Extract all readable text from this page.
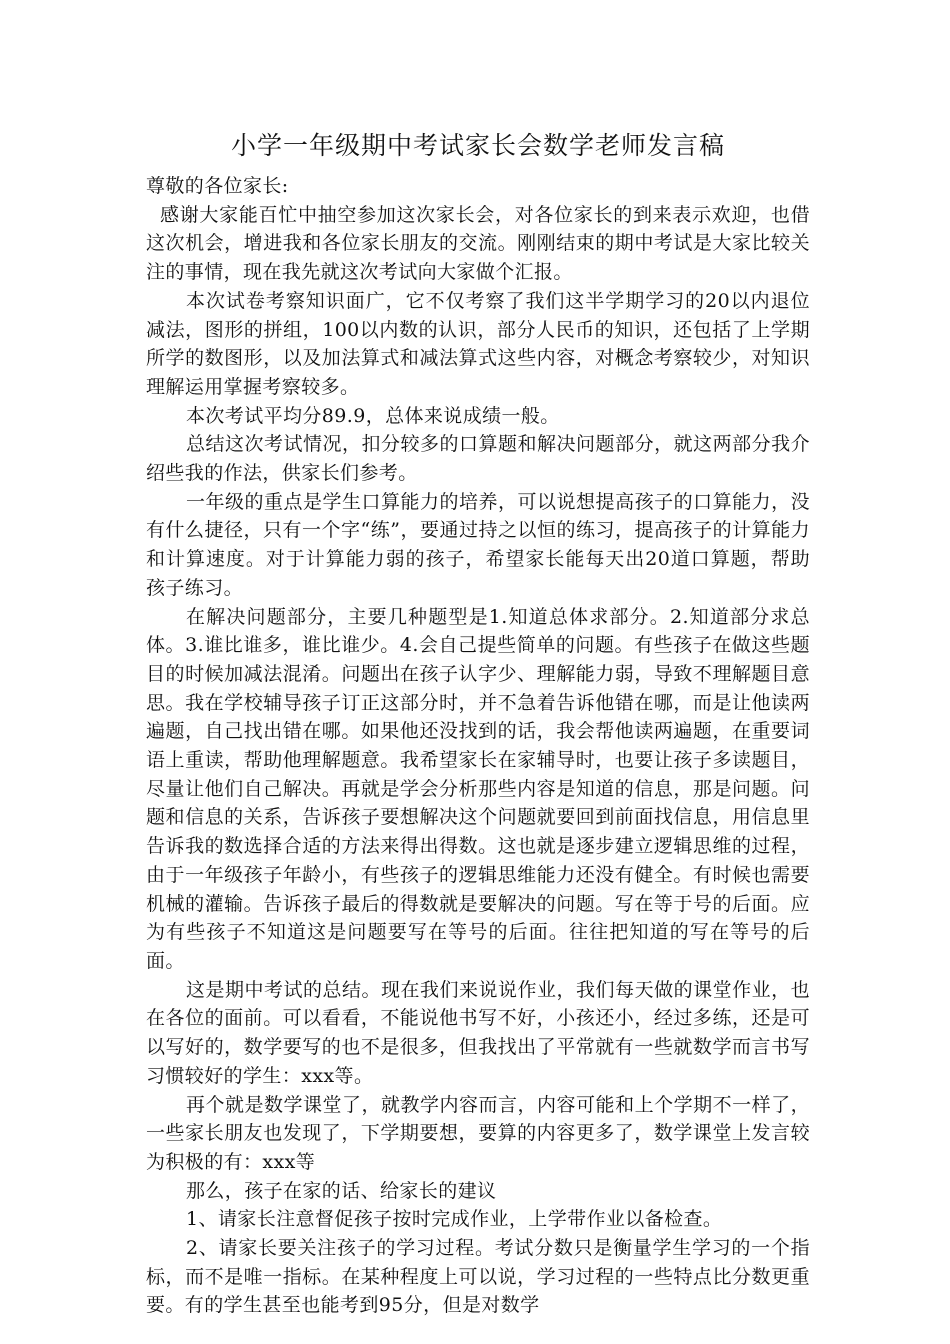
小学一年级期中考试家长会数学老师发言稿

尊敬的各位家长:

感谢大家能百忙中抽空参加这次家长会，对各位家长的到来表示欢迎，也借这次机会，增进我和各位家长朋友的交流。刚刚结束的期中考试是大家比较关注的事情，现在我先就这次考试向大家做个汇报。

本次试卷考察知识面广，它不仅考察了我们这半学期学习的20以内退位减法，图形的拼组，100以内数的认识，部分人民币的知识，还包括了上学期所学的数图形，以及加法算式和减法算式这些内容，对概念考察较少，对知识理解运用掌握考察较多。

本次考试平均分89.9，总体来说成绩一般。

总结这次考试情况，扣分较多的口算题和解决问题部分，就这两部分我介绍些我的作法，供家长们参考。

一年级的重点是学生口算能力的培养，可以说想提高孩子的口算能力，没有什么捷径，只有一个字“练”，要通过持之以恒的练习，提高孩子的计算能力和计算速度。对于计算能力弱的孩子，希望家长能每天出20道口算题，帮助孩子练习。

在解决问题部分，主要几种题型是1.知道总体求部分。2.知道部分求总体。3.谁比谁多，谁比谁少。4.会自己提些简单的问题。有些孩子在做这些题目的时候加减法混淆。问题出在孩子认字少、理解能力弱，导致不理解题目意思。我在学校辅导孩子订正这部分时，并不急着告诉他错在哪，而是让他读两遍题，自己找出错在哪。如果他还没找到的话，我会帮他读两遍题，在重要词语上重读，帮助他理解题意。我希望家长在家辅导时，也要让孩子多读题目，尽量让他们自己解决。再就是学会分析那些内容是知道的信息，那是问题。问题和信息的关系，告诉孩子要想解决这个问题就要回到前面找信息，用信息里告诉我的数选择合适的方法来得出得数。这也就是逐步建立逻辑思维的过程，由于一年级孩子年龄小，有些孩子的逻辑思维能力还没有健全。有时候也需要机械的灌输。告诉孩子最后的得数就是要解决的问题。写在等于号的后面。应为有些孩子不知道这是问题要写在等号的后面。往往把知道的写在等号的后面。

这是期中考试的总结。现在我们来说说作业，我们每天做的课堂作业，也在各位的面前。可以看看，不能说他书写不好，小孩还小，经过多练，还是可以写好的，数学要写的也不是很多，但我找出了平常就有一些就数学而言书写习惯较好的学生：xxx等。

再个就是数学课堂了，就教学内容而言，内容可能和上个学期不一样了，一些家长朋友也发现了，下学期要想，要算的内容更多了，数学课堂上发言较为积极的有：xxx等

那么，孩子在家的话、给家长的建议

1、请家长注意督促孩子按时完成作业，上学带作业以备检查。

2、请家长要关注孩子的学习过程。考试分数只是衡量学生学习的一个指标，而不是唯一指标。在某种程度上可以说，学习过程的一些特点比分数更重要。有的学生甚至也能考到95分，但是对数学
